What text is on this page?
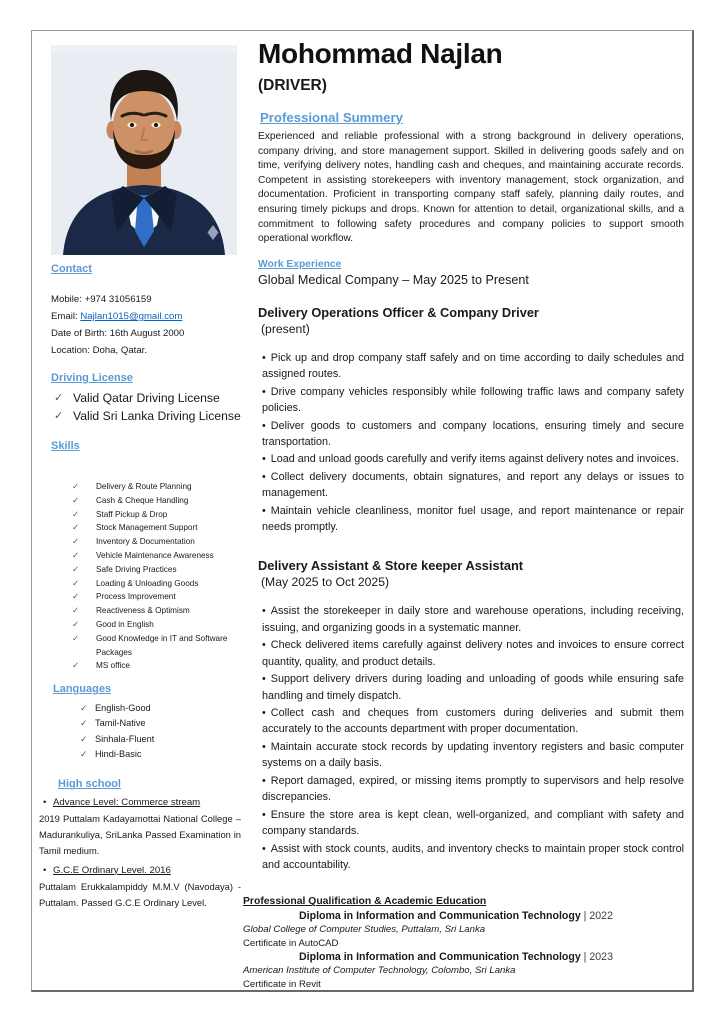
Contact
Mobile: +974 31056159
Email: Najlan1015@gmail.com
Date of Birth: 16th August 2000
Location: Doha, Qatar.
Driving License
✓ Valid Qatar Driving License
✓ Valid Sri Lanka Driving License
Skills
✓	Delivery & Route Planning
✓	Cash & Cheque Handling
✓	Staff Pickup & Drop
✓	Stock Management Support
✓	Inventory & Documentation
✓	Vehicle Maintenance Awareness
✓	Safe Driving Practices
✓	Loading & Unloading Goods
✓	Process Improvement
✓	Reactiveness & Optimism
✓	Good in English
✓	Good Knowledge in IT and Software Packages
✓	MS office
Languages
✓ English-Good
✓ Tamil-Native
✓ Sinhala-Fluent
✓ Hindi-Basic
High school
• Advance Level: Commerce stream
2019 Puttalam Kadayamottai National College – Madurankuliya, SriLanka Passed Examination in Tamil medium.
• G.C.E Ordinary Level. 2016
Puttalam Erukkalampiddy M.M.V (Navodaya) - Puttalam. Passed G.C.E Ordinary Level.
Mohommad Najlan
(DRIVER)
Professional Summery

Experienced and reliable professional with a strong background in delivery operations, company driving, and store management support. Skilled in delivering goods safely and on time, verifying delivery notes, handling cash and cheques, and maintaining accurate records. Competent in assisting storekeepers with inventory management, stock organization, and documentation. Proficient in transporting company staff safely, planning daily routes, and ensuring timely pickups and drops. Known for attention to detail, organizational skills, and a commitment to following safety procedures and company policies to support smooth operational workflow.

Work Experience
Global Medical Company – May 2025 to Present
Delivery Operations Officer & Company Driver
(present)
• Pick up and drop company staff safely and on time according to daily schedules and assigned routes.
• Drive company vehicles responsibly while following traffic laws and company safety policies.
• Deliver goods to customers and company locations, ensuring timely and secure transportation.
• Load and unload goods carefully and verify items against delivery notes and invoices.
• Collect delivery documents, obtain signatures, and report any delays or issues to management.
• Maintain vehicle cleanliness, monitor fuel usage, and report maintenance or repair needs promptly.
Delivery Assistant & Store keeper Assistant
(May 2025 to Oct 2025)
• Assist the storekeeper in daily store and warehouse operations, including receiving, issuing, and organizing goods in a systematic manner.
• Check delivered items carefully against delivery notes and invoices to ensure correct quantity, quality, and product details.
• Support delivery drivers during loading and unloading of goods while ensuring safe handling and timely dispatch.
• Collect cash and cheques from customers during deliveries and submit them accurately to the accounts department with proper documentation.
• Maintain accurate stock records by updating inventory registers and basic computer systems on a daily basis.
• Report damaged, expired, or missing items promptly to supervisors and help resolve discrepancies.
• Ensure the store area is kept clean, well-organized, and compliant with safety and company standards.
• Assist with stock counts, audits, and inventory checks to maintain proper stock control and accountability.
Professional Qualification & Academic Education
Diploma in Information and Communication Technology | 2022
Global College of Computer Studies, Puttalam, Sri Lanka
Certificate in AutoCAD
Diploma in Information and Communication Technology | 2023
American Institute of Computer Technology, Colombo, Sri Lanka
Certificate in Revit
